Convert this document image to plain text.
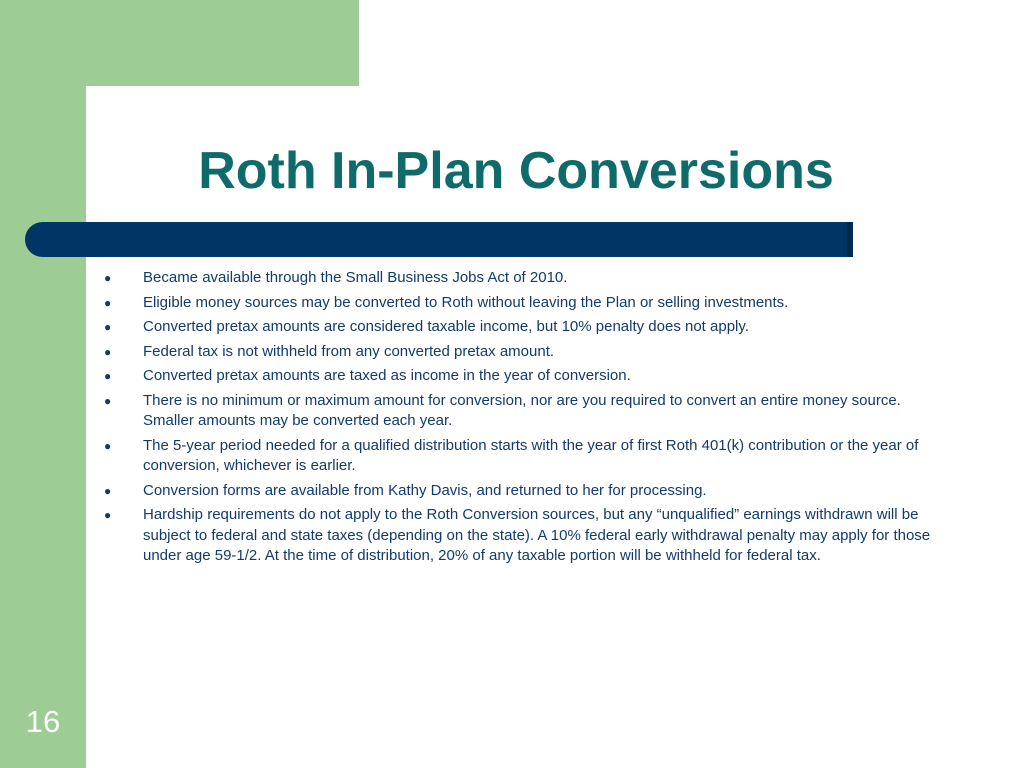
Roth In-Plan Conversions
● Became available through the Small Business Jobs Act of 2010.
● Eligible money sources may be converted to Roth without leaving the Plan or selling investments.
● Converted pretax amounts are considered taxable income, but 10% penalty does not apply.
● Federal tax is not withheld from any converted pretax amount.
● Converted pretax amounts are taxed as income in the year of conversion.
● There is no minimum or maximum amount for conversion, nor are you required to convert an entire money source. Smaller amounts may be converted each year.
● The 5-year period needed for a qualified distribution starts with the year of first Roth 401(k) contribution or the year of conversion, whichever is earlier.
● Conversion forms are available from Kathy Davis, and returned to her for processing.
● Hardship requirements do not apply to the Roth Conversion sources, but any “unqualified” earnings withdrawn will be subject to federal and state taxes (depending on the state). A 10% federal early withdrawal penalty may apply for those under age 59-1/2. At the time of distribution, 20% of any taxable portion will be withheld for federal tax.
16
